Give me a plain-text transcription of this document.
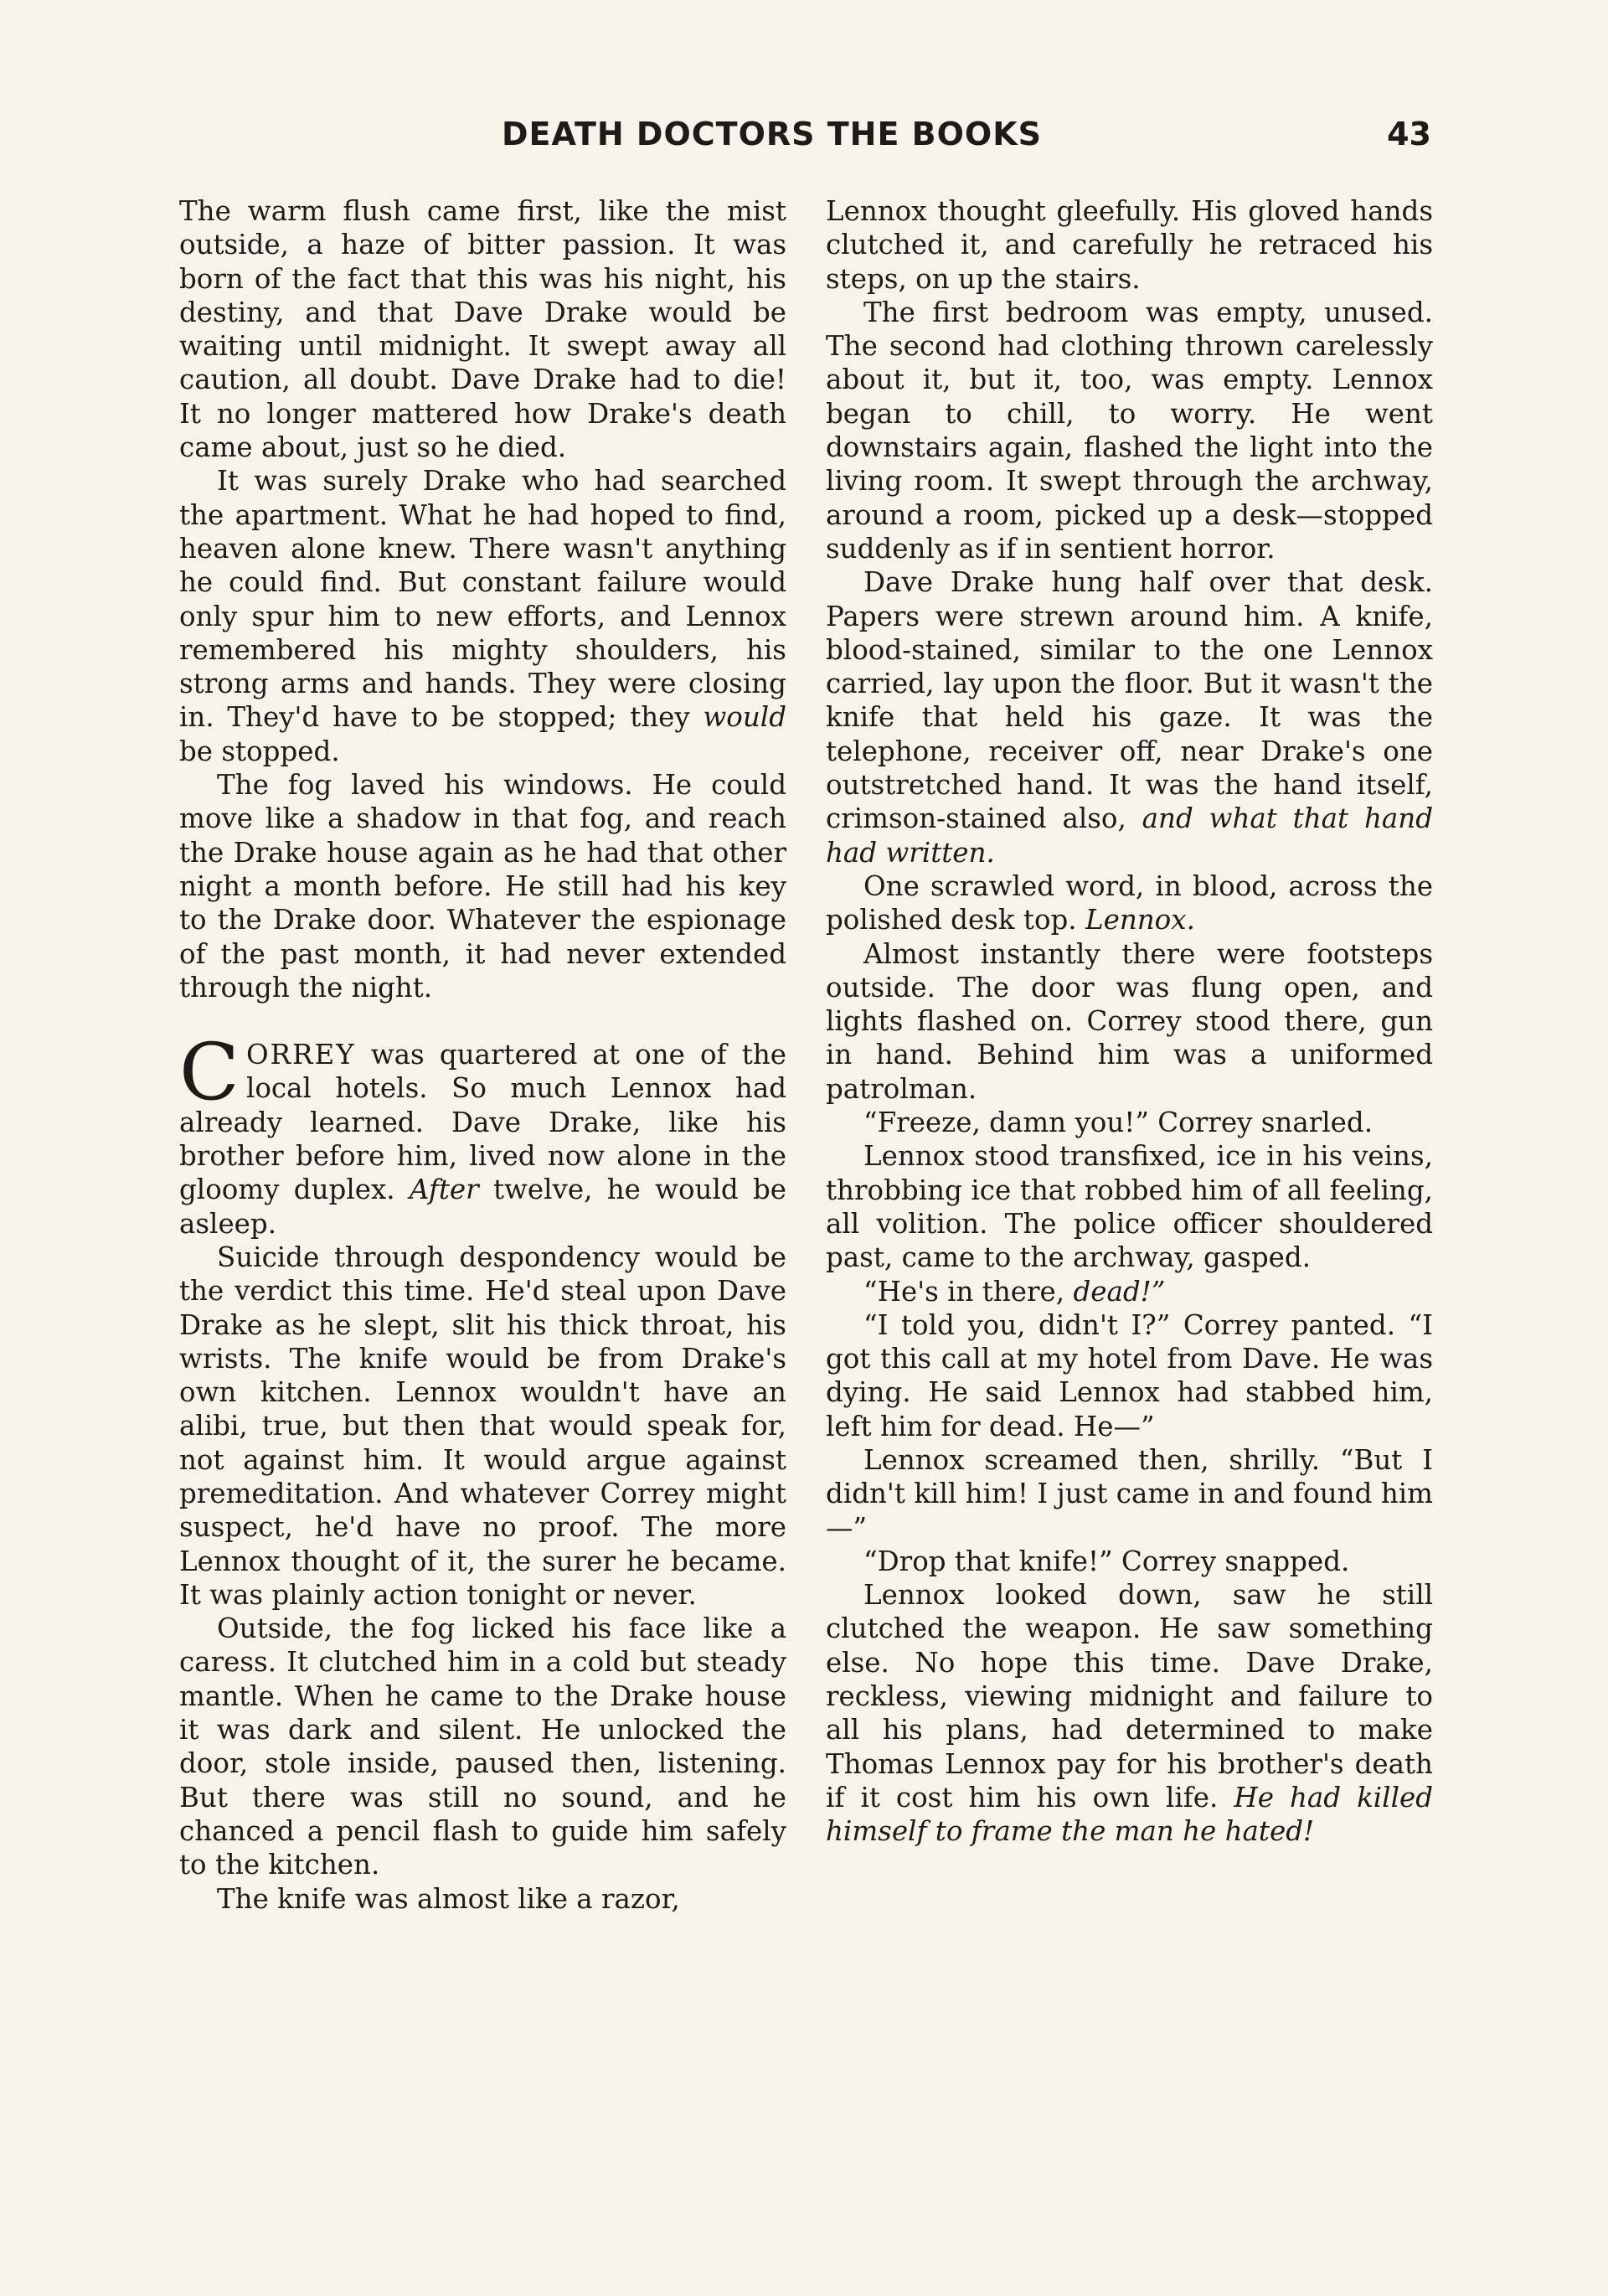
DEATH DOCTORS THE BOOKS	43

The warm flush came first, like the mist outside, a haze of bitter passion. It was born of the fact that this was his night, his destiny, and that Dave Drake would be waiting until midnight. It swept away all caution, all doubt. Dave Drake had to die! It no longer mattered how Drake's death came about, just so he died.

It was surely Drake who had searched the apartment. What he had hoped to find, heaven alone knew. There wasn't anything he could find. But constant failure would only spur him to new efforts, and Lennox remembered his mighty shoulders, his strong arms and hands. They were closing in. They'd have to be stopped; they would be stopped.

The fog laved his windows. He could move like a shadow in that fog, and reach the Drake house again as he had that other night a month before. He still had his key to the Drake door. Whatever the espionage of the past month, it had never extended through the night.

CORREY was quartered at one of the local hotels. So much Lennox had already learned. Dave Drake, like his brother before him, lived now alone in the gloomy duplex. After twelve, he would be asleep.

Suicide through despondency would be the verdict this time. He'd steal upon Dave Drake as he slept, slit his thick throat, his wrists. The knife would be from Drake's own kitchen. Lennox wouldn't have an alibi, true, but then that would speak for, not against him. It would argue against premeditation. And whatever Correy might suspect, he'd have no proof. The more Lennox thought of it, the surer he became. It was plainly action tonight or never.

Outside, the fog licked his face like a caress. It clutched him in a cold but steady mantle. When he came to the Drake house it was dark and silent. He unlocked the door, stole inside, paused then, listening. But there was still no sound, and he chanced a pencil flash to guide him safely to the kitchen.

The knife was almost like a razor,

Lennox thought gleefully. His gloved hands clutched it, and carefully he retraced his steps, on up the stairs.

The first bedroom was empty, unused. The second had clothing thrown carelessly about it, but it, too, was empty. Lennox began to chill, to worry. He went downstairs again, flashed the light into the living room. It swept through the archway, around a room, picked up a desk—stopped suddenly as if in sentient horror.

Dave Drake hung half over that desk. Papers were strewn around him. A knife, blood-stained, similar to the one Lennox carried, lay upon the floor. But it wasn't the knife that held his gaze. It was the telephone, receiver off, near Drake's one outstretched hand. It was the hand itself, crimson-stained also, and what that hand had written.

One scrawled word, in blood, across the polished desk top. Lennox.

Almost instantly there were footsteps outside. The door was flung open, and lights flashed on. Correy stood there, gun in hand. Behind him was a uniformed patrolman.

“Freeze, damn you!” Correy snarled.

Lennox stood transfixed, ice in his veins, throbbing ice that robbed him of all feeling, all volition. The police officer shouldered past, came to the archway, gasped.

“He's in there, dead!”

“I told you, didn't I?” Correy panted. “I got this call at my hotel from Dave. He was dying. He said Lennox had stabbed him, left him for dead. He—”

Lennox screamed then, shrilly. “But I didn't kill him! I just came in and found him—”

“Drop that knife!” Correy snapped.

Lennox looked down, saw he still clutched the weapon. He saw something else. No hope this time. Dave Drake, reckless, viewing midnight and failure to all his plans, had determined to make Thomas Lennox pay for his brother's death if it cost him his own life. He had killed himself to frame the man he hated!
